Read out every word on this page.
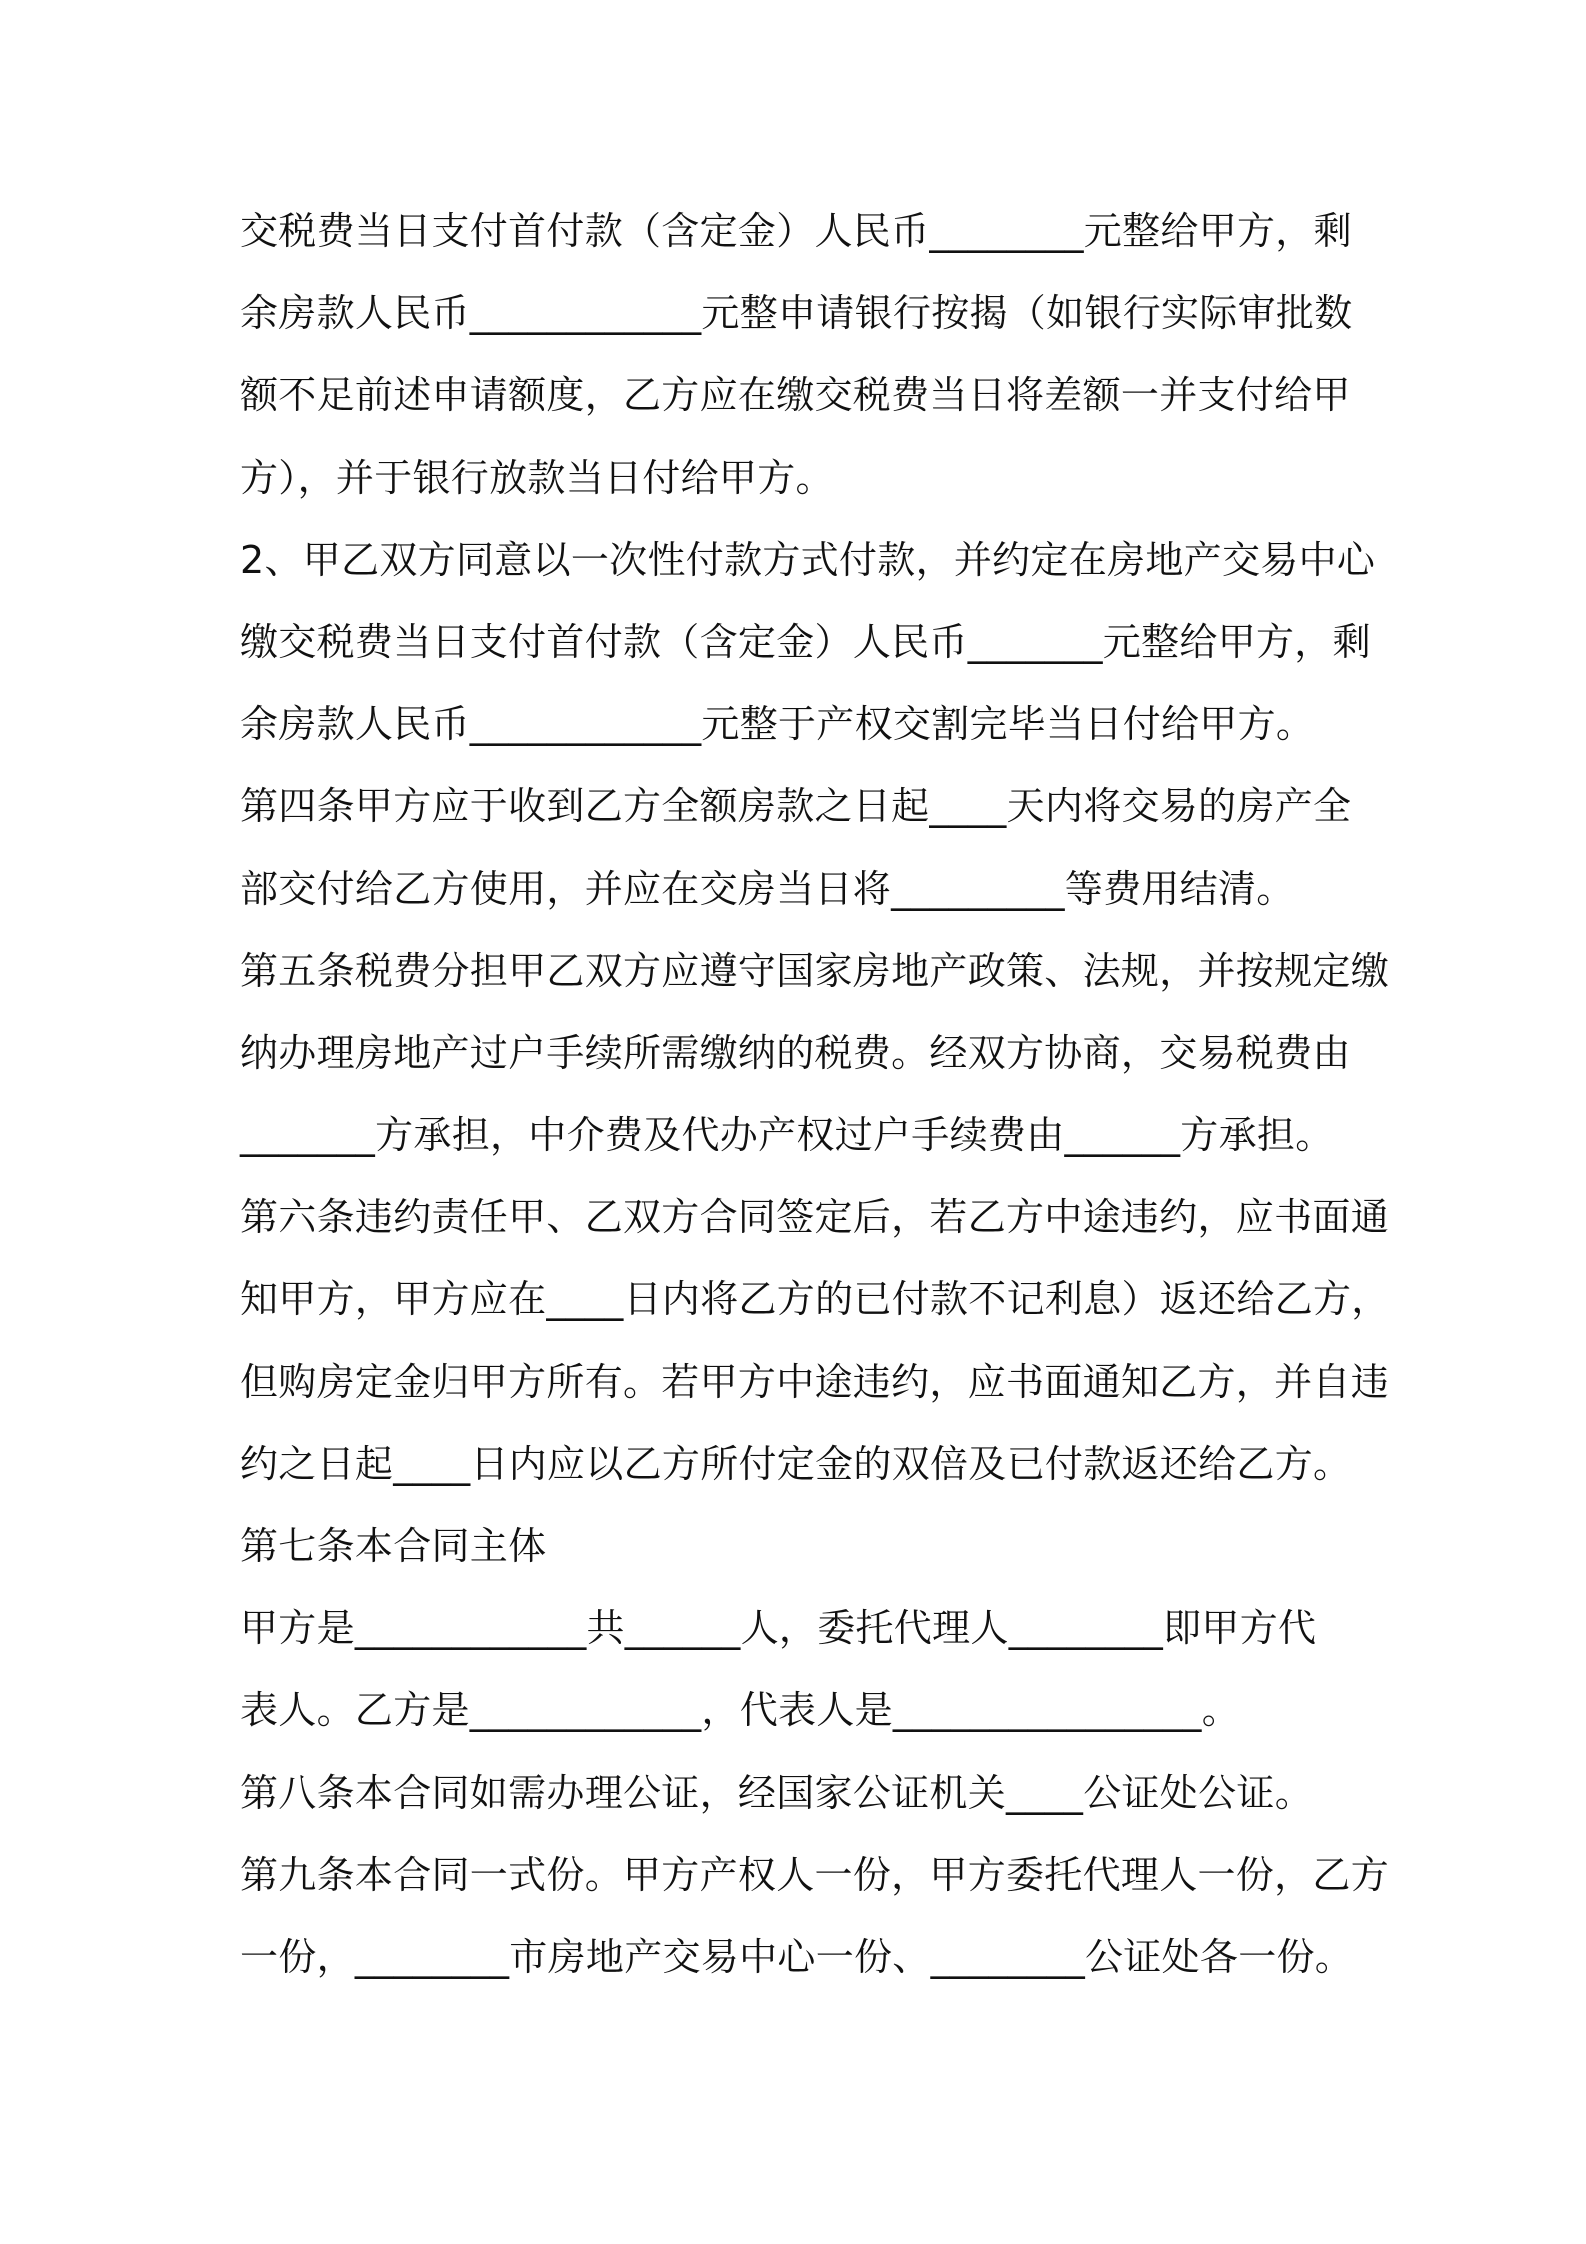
交税费当日支付首付款（含定金）人民币________元整给甲方，剩
余房款人民币____________元整申请银行按揭（如银行实际审批数
额不足前述申请额度，乙方应在缴交税费当日将差额一并支付给甲
方），并于银行放款当日付给甲方。
2、甲乙双方同意以一次性付款方式付款，并约定在房地产交易中心
缴交税费当日支付首付款（含定金）人民币_______元整给甲方，剩
余房款人民币____________元整于产权交割完毕当日付给甲方。
第四条甲方应于收到乙方全额房款之日起____天内将交易的房产全
部交付给乙方使用，并应在交房当日将_________等费用结清。
第五条税费分担甲乙双方应遵守国家房地产政策、法规，并按规定缴
纳办理房地产过户手续所需缴纳的税费。经双方协商，交易税费由
_______方承担，中介费及代办产权过户手续费由______方承担。
第六条违约责任甲、乙双方合同签定后，若乙方中途违约，应书面通
知甲方，甲方应在____日内将乙方的已付款不记利息）返还给乙方，
但购房定金归甲方所有。若甲方中途违约，应书面通知乙方，并自违
约之日起____日内应以乙方所付定金的双倍及已付款返还给乙方。
第七条本合同主体
甲方是____________共______人，委托代理人________即甲方代
表人。乙方是____________，代表人是________________。
第八条本合同如需办理公证，经国家公证机关____公证处公证。
第九条本合同一式份。甲方产权人一份，甲方委托代理人一份，乙方
一份，________市房地产交易中心一份、________公证处各一份。
